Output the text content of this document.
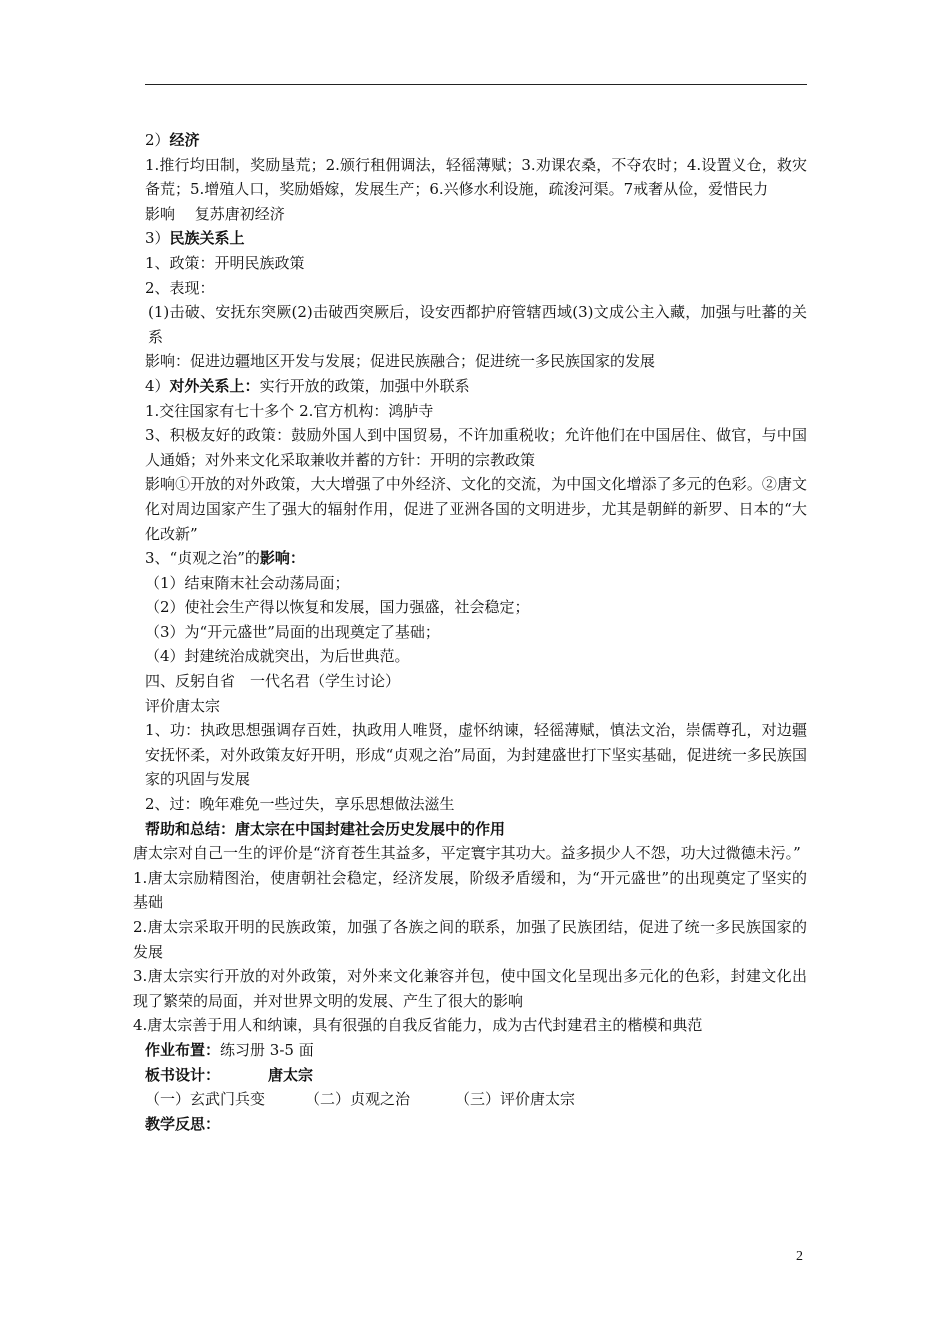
2）经济
1.推行均田制，奖励垦荒；2.颁行租佣调法，轻徭薄赋；3.劝课农桑，不夺农时；4.设置义仓，救灾备荒；5.增殖人口，奖励婚嫁，发展生产；6.兴修水利设施，疏浚河渠。7戒奢从俭，爱惜民力
影响　 复苏唐初经济
3）民族关系上
1、政策：开明民族政策
2、表现：
(1)击破、安抚东突厥(2)击破西突厥后，设安西都护府管辖西域(3)文成公主入藏，加强与吐蕃的关系
影响：促进边疆地区开发与发展；促进民族融合；促进统一多民族国家的发展
4）对外关系上：实行开放的政策，加强中外联系
1.交往国家有七十多个 2.官方机构：鸿胪寺
3、积极友好的政策：鼓励外国人到中国贸易，不许加重税收；允许他们在中国居住、做官，与中国人通婚；对外来文化采取兼收并蓄的方针：开明的宗教政策
影响①开放的对外政策，大大增强了中外经济、文化的交流，为中国文化增添了多元的色彩。②唐文化对周边国家产生了强大的辐射作用，促进了亚洲各国的文明进步，尤其是朝鲜的新罗、日本的“大化改新”
3、“贞观之治”的影响：
（1）结束隋末社会动荡局面；
（2）使社会生产得以恢复和发展，国力强盛，社会稳定；
（3）为“开元盛世”局面的出现奠定了基础；
（4）封建统治成就突出，为后世典范。
四、反躬自省　一代名君（学生讨论）
评价唐太宗
1、功：执政思想强调存百姓，执政用人唯贤，虚怀纳谏，轻徭薄赋，慎法文治，崇儒尊孔，对边疆安抚怀柔，对外政策友好开明，形成“贞观之治”局面，为封建盛世打下坚实基础，促进统一多民族国家的巩固与发展
2、过：晚年难免一些过失，享乐思想做法滋生
帮助和总结：唐太宗在中国封建社会历史发展中的作用
唐太宗对自己一生的评价是“济育苍生其益多，平定寰宇其功大。益多损少人不怨，功大过微德未污。”
1.唐太宗励精图治，使唐朝社会稳定，经济发展，阶级矛盾缓和，为“开元盛世”的出现奠定了坚实的基础
2.唐太宗采取开明的民族政策，加强了各族之间的联系，加强了民族团结，促进了统一多民族国家的发展
3.唐太宗实行开放的对外政策，对外来文化兼容并包，使中国文化呈现出多元化的色彩，封建文化出现了繁荣的局面，并对世界文明的发展、产生了很大的影响
4.唐太宗善于用人和纳谏，具有很强的自我反省能力，成为古代封建君主的楷模和典范
作业布置：练习册 3-5 面
板书设计：	唐太宗
（一）玄武门兵变	（二）贞观之治	（三）评价唐太宗
教学反思：
2
